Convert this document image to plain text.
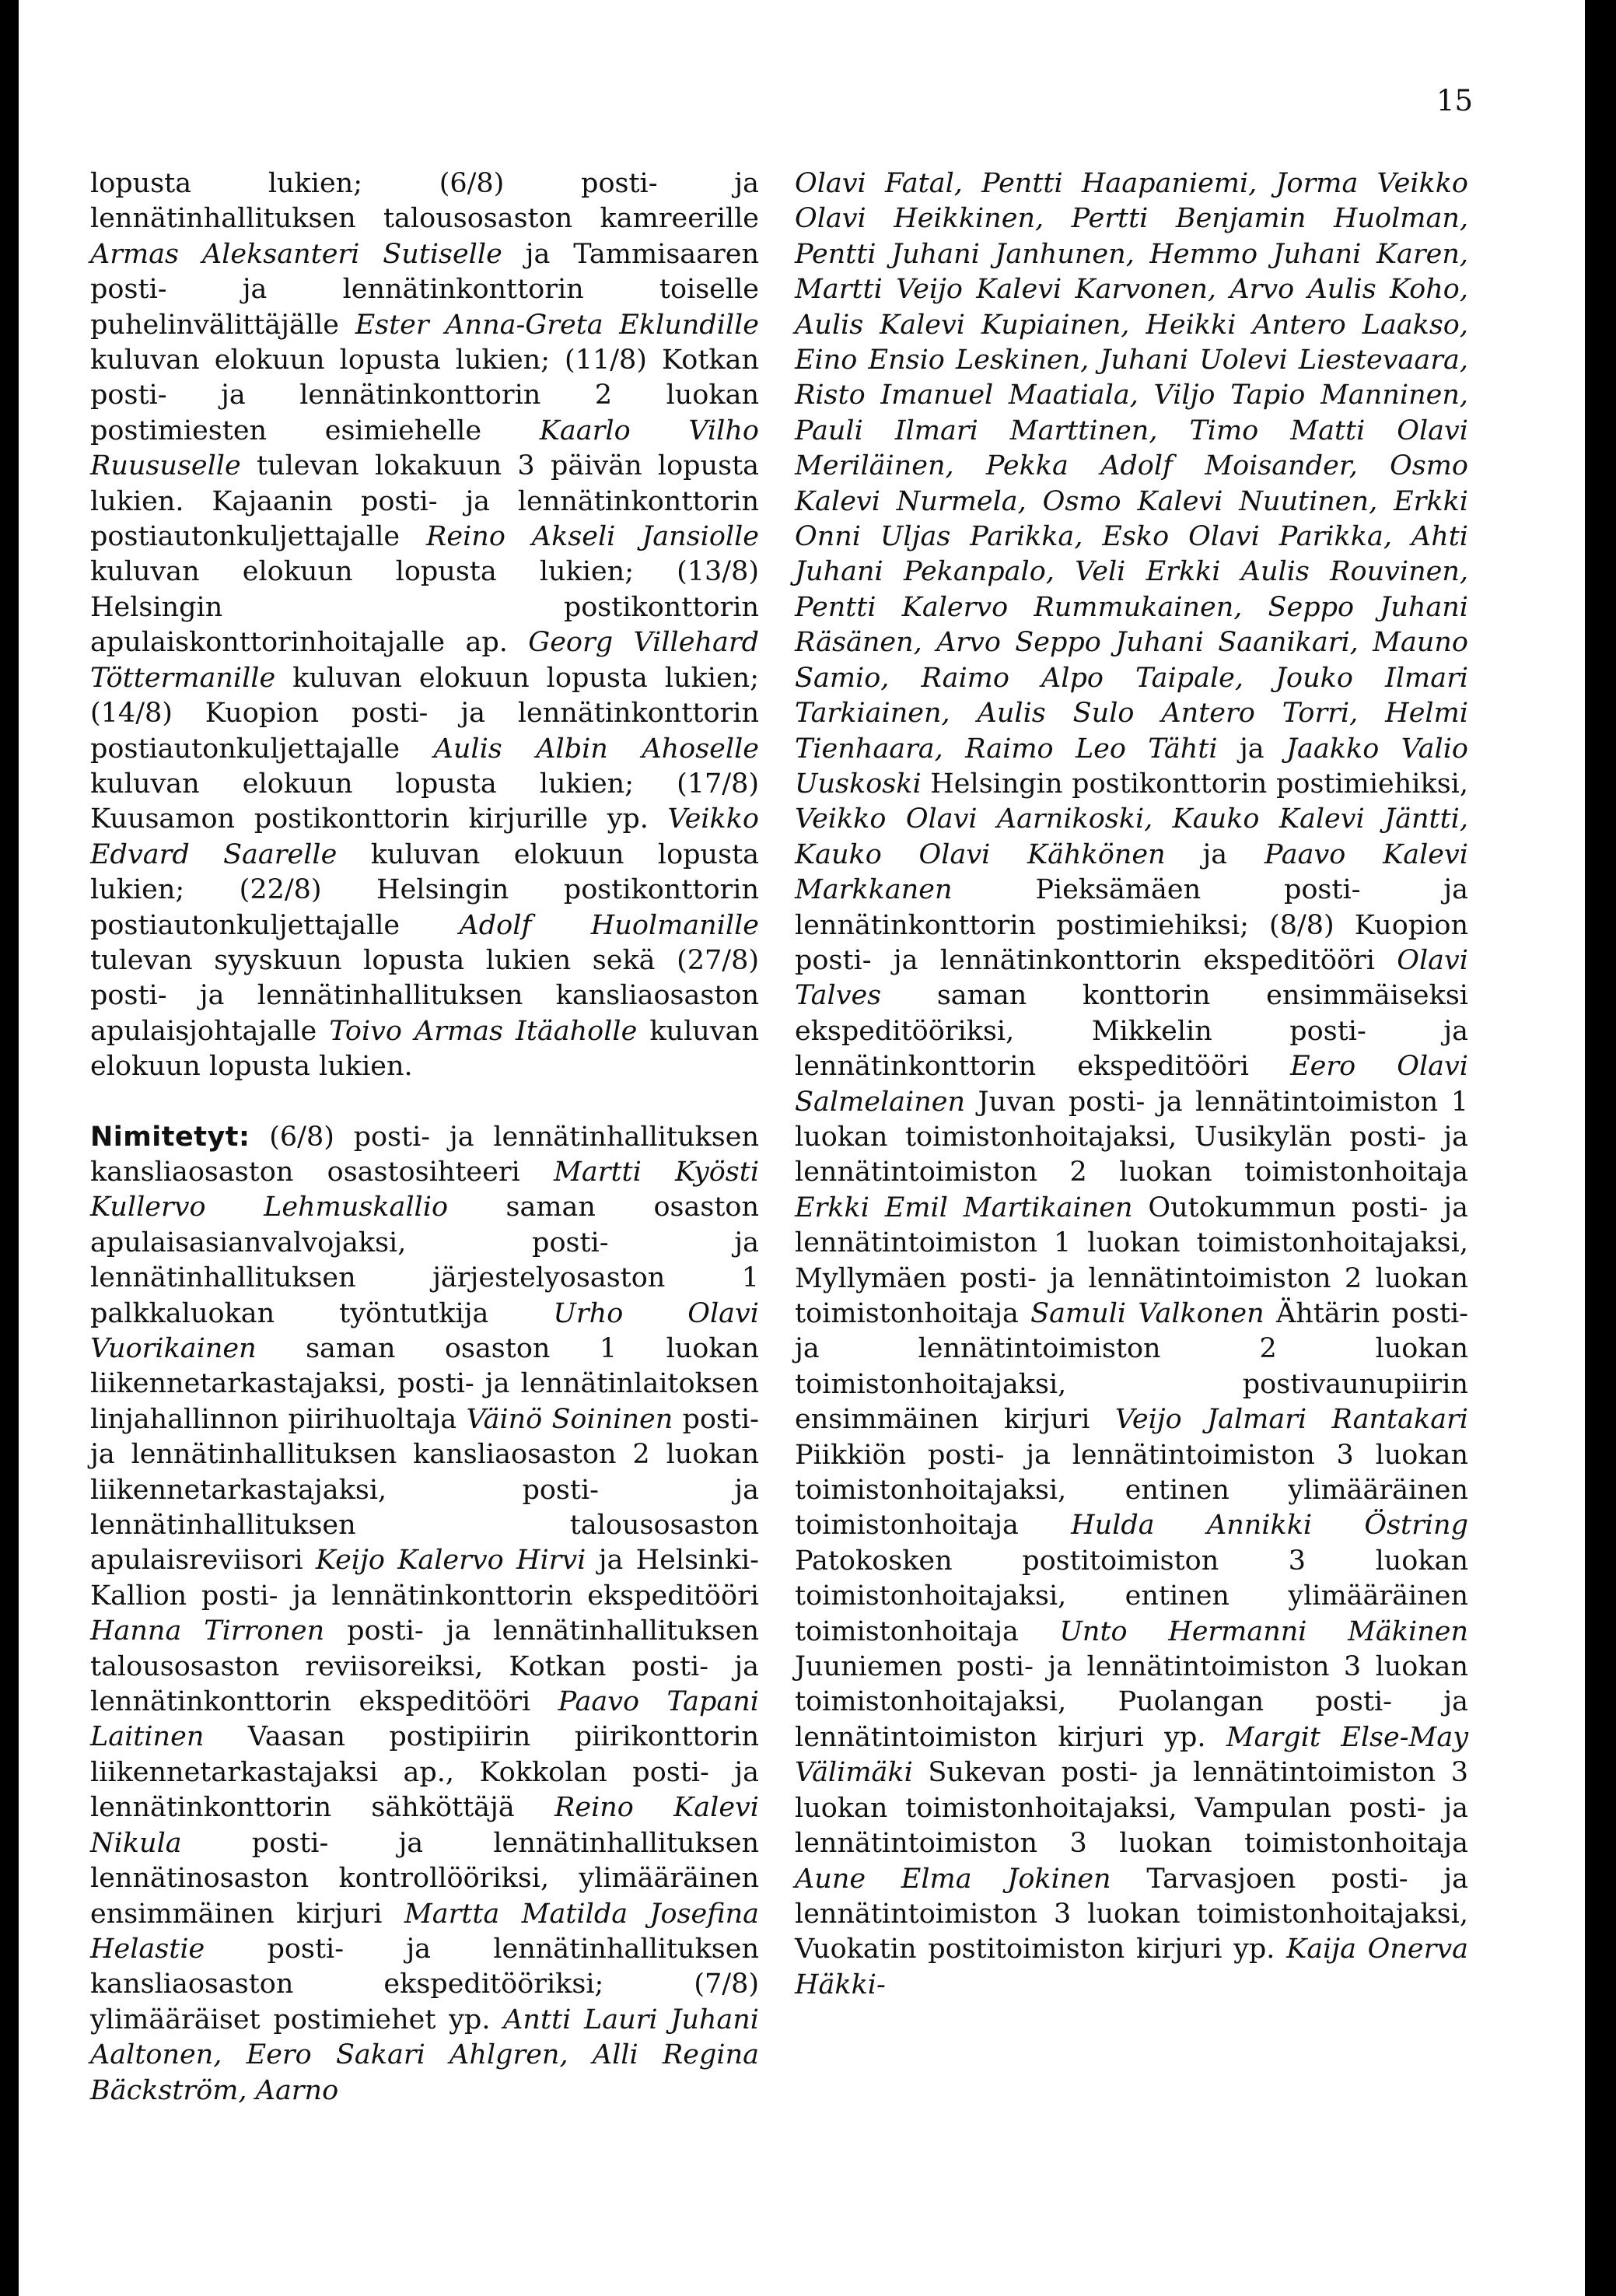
15

lopusta lukien; (6/8) posti- ja lennätinhallituksen talousosaston kamreerille Armas Aleksanteri Sutiselle ja Tammisaaren posti- ja lennätinkonttorin toiselle puhelinvälittäjälle Ester Anna-Greta Eklundille kuluvan elokuun lopusta lukien; (11/8) Kotkan posti- ja lennätinkonttorin 2 luokan postimiesten esimiehelle Kaarlo Vilho Ruususelle tulevan lokakuun 3 päivän lopusta lukien. Kajaanin posti- ja lennätinkonttorin postiautonkuljettajalle Reino Akseli Jansiolle kuluvan elokuun lopusta lukien; (13/8) Helsingin postikonttorin apulaiskonttorinhoitajalle ap. Georg Villehard Töttermanille kuluvan elokuun lopusta lukien; (14/8) Kuopion posti- ja lennätinkonttorin postiautonkuljettajalle Aulis Albin Ahoselle kuluvan elokuun lopusta lukien; (17/8) Kuusamon postikonttorin kirjurille yp. Veikko Edvard Saarelle kuluvan elokuun lopusta lukien; (22/8) Helsingin postikonttorin postiautonkuljettajalle Adolf Huolmanille tulevan syyskuun lopusta lukien sekä (27/8) posti- ja lennätinhallituksen kansliaosaston apulaisjohtajalle Toivo Armas Itäaholle kuluvan elokuun lopusta lukien.

Nimitetyt: (6/8) posti- ja lennätinhallituksen kansliaosaston osastosihteeri Martti Kyösti Kullervo Lehmuskallio saman osaston apulaisasianvalvojaksi, posti- ja lennätinhallituksen järjestelyosaston 1 palkkaluokan työntutkija Urho Olavi Vuorikainen saman osaston 1 luokan liikennetarkastajaksi, posti- ja lennätinlaitoksen linjahallinnon piirihuoltaja Väinö Soininen posti- ja lennätinhallituksen kansliaosaston 2 luokan liikennetarkastajaksi, posti- ja lennätinhallituksen talousosaston apulaisreviisori Keijo Kalervo Hirvi ja Helsinki-Kallion posti- ja lennätinkonttorin ekspeditööri Hanna Tirronen posti- ja lennätinhallituksen talousosaston reviisoreiksi, Kotkan posti- ja lennätinkonttorin ekspeditööri Paavo Tapani Laitinen Vaasan postipiirin piirikonttorin liikennetarkastajaksi ap., Kokkolan posti- ja lennätinkonttorin sähköttäjä Reino Kalevi Nikula posti- ja lennätinhallituksen lennätinosaston kontrollööriksi, ylimääräinen ensimmäinen kirjuri Martta Matilda Josefina Helastie posti- ja lennätinhallituksen kansliaosaston ekspeditööriksi; (7/8) ylimääräiset postimiehet yp. Antti Lauri Juhani Aaltonen, Eero Sakari Ahlgren, Alli Regina Bäckström, Aarno

Olavi Fatal, Pentti Haapaniemi, Jorma Veikko Olavi Heikkinen, Pertti Benjamin Huolman, Pentti Juhani Janhunen, Hemmo Juhani Karen, Martti Veijo Kalevi Karvonen, Arvo Aulis Koho, Aulis Kalevi Kupiainen, Heikki Antero Laakso, Eino Ensio Leskinen, Juhani Uolevi Liestevaara, Risto Imanuel Maatiala, Viljo Tapio Manninen, Pauli Ilmari Marttinen, Timo Matti Olavi Meriläinen, Pekka Adolf Moisander, Osmo Kalevi Nurmela, Osmo Kalevi Nuutinen, Erkki Onni Uljas Parikka, Esko Olavi Parikka, Ahti Juhani Pekanpalo, Veli Erkki Aulis Rouvinen, Pentti Kalervo Rummukainen, Seppo Juhani Räsänen, Arvo Seppo Juhani Saanikari, Mauno Samio, Raimo Alpo Taipale, Jouko Ilmari Tarkiainen, Aulis Sulo Antero Torri, Helmi Tienhaara, Raimo Leo Tähti ja Jaakko Valio Uuskoski Helsingin postikonttorin postimiehiksi, Veikko Olavi Aarnikoski, Kauko Kalevi Jäntti, Kauko Olavi Kähkönen ja Paavo Kalevi Markkanen Pieksämäen posti- ja lennätinkonttorin postimiehiksi; (8/8) Kuopion posti- ja lennätinkonttorin ekspeditööri Olavi Talves saman konttorin ensimmäiseksi ekspeditööriksi, Mikkelin posti- ja lennätinkonttorin ekspeditööri Eero Olavi Salmelainen Juvan posti- ja lennätintoimiston 1 luokan toimistonhoitajaksi, Uusikylän posti- ja lennätintoimiston 2 luokan toimistonhoitaja Erkki Emil Martikainen Outokummun posti- ja lennätintoimiston 1 luokan toimistonhoitajaksi, Myllymäen posti- ja lennätintoimiston 2 luokan toimistonhoitaja Samuli Valkonen Ähtärin posti- ja lennätintoimiston 2 luokan toimistonhoitajaksi, postivaunupiirin ensimmäinen kirjuri Veijo Jalmari Rantakari Piikkiön posti- ja lennätintoimiston 3 luokan toimistonhoitajaksi, entinen ylimääräinen toimistonhoitaja Hulda Annikki Östring Patokosken postitoimiston 3 luokan toimistonhoitajaksi, entinen ylimääräinen toimistonhoitaja Unto Hermanni Mäkinen Juuniemen posti- ja lennätintoimiston 3 luokan toimistonhoitajaksi, Puolangan posti- ja lennätintoimiston kirjuri yp. Margit Else-May Välimäki Sukevan posti- ja lennätintoimiston 3 luokan toimistonhoitajaksi, Vampulan posti- ja lennätintoimiston 3 luokan toimistonhoitaja Aune Elma Jokinen Tarvasjoen posti- ja lennätintoimiston 3 luokan toimistonhoitajaksi, Vuokatin postitoimiston kirjuri yp. Kaija Onerva Häkki-
